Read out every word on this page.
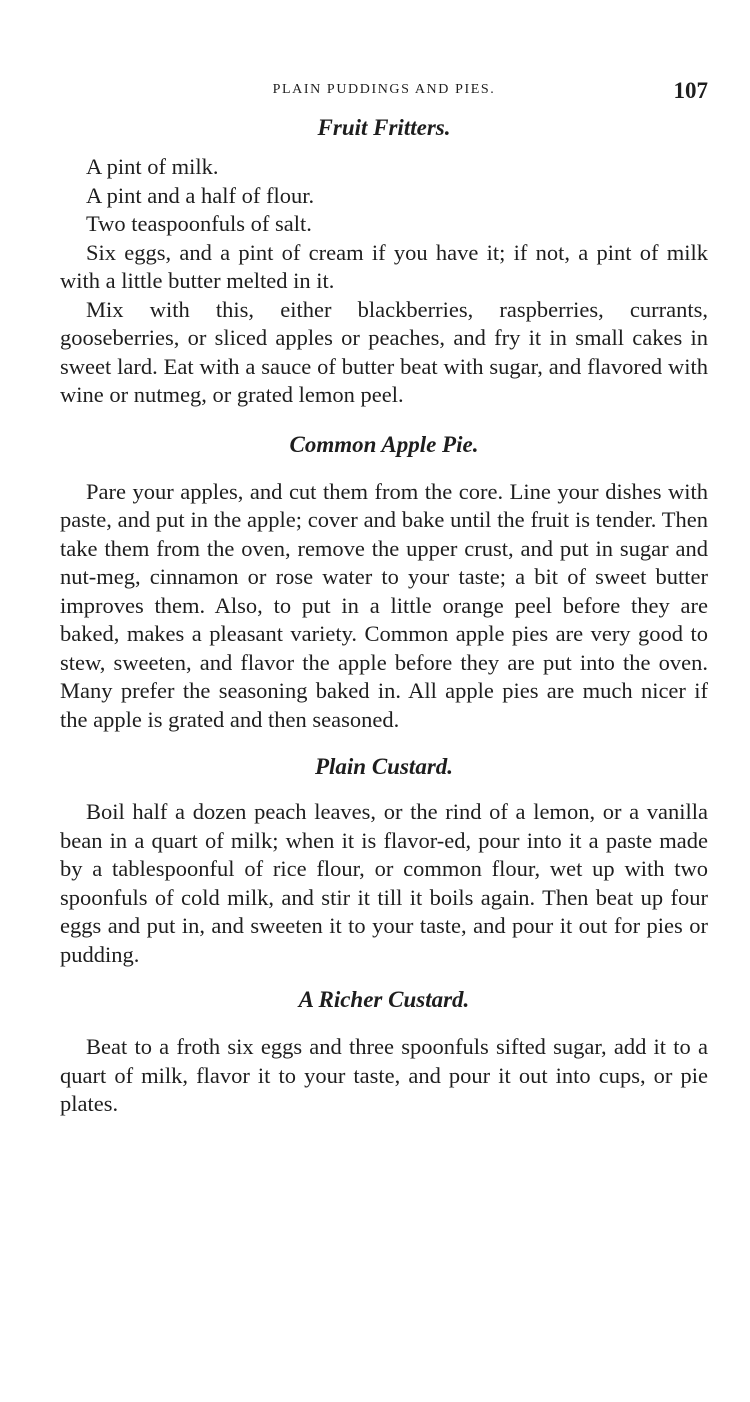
PLAIN PUDDINGS AND PIES.	107
Fruit Fritters.

A pint of milk.

A pint and a half of flour.

Two teaspoonfuls of salt.

Six eggs, and a pint of cream if you have it; if not, a pint of milk with a little butter melted in it.

Mix with this, either blackberries, raspberries, currants, gooseberries, or sliced apples or peaches, and fry it in small cakes in sweet lard. Eat with a sauce of butter beat with sugar, and flavored with wine or nutmeg, or grated lemon peel.

Common Apple Pie.

Pare your apples, and cut them from the core. Line your dishes with paste, and put in the apple; cover and bake until the fruit is tender. Then take them from the oven, remove the upper crust, and put in sugar and nut-meg, cinnamon or rose water to your taste; a bit of sweet butter improves them. Also, to put in a little orange peel before they are baked, makes a pleasant variety. Common apple pies are very good to stew, sweeten, and flavor the apple before they are put into the oven. Many prefer the seasoning baked in. All apple pies are much nicer if the apple is grated and then seasoned.

Plain Custard.

Boil half a dozen peach leaves, or the rind of a lemon, or a vanilla bean in a quart of milk; when it is flavor-ed, pour into it a paste made by a tablespoonful of rice flour, or common flour, wet up with two spoonfuls of cold milk, and stir it till it boils again. Then beat up four eggs and put in, and sweeten it to your taste, and pour it out for pies or pudding.

A Richer Custard.

Beat to a froth six eggs and three spoonfuls sifted sugar, add it to a quart of milk, flavor it to your taste, and pour it out into cups, or pie plates.
